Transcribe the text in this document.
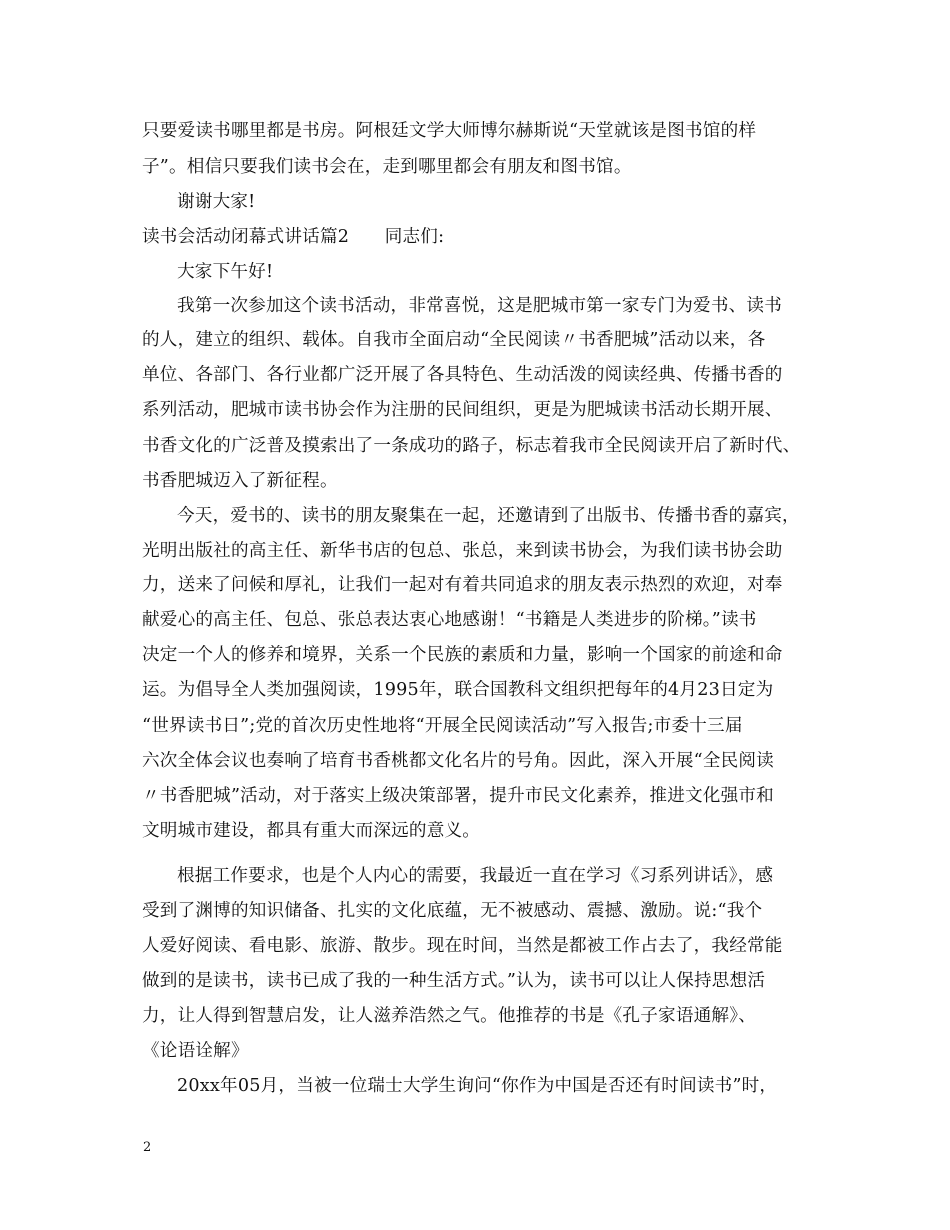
只要爱读书哪里都是书房。阿根廷文学大师博尔赫斯说“天堂就该是图书馆的样
子”。相信只要我们读书会在，走到哪里都会有朋友和图书馆。
谢谢大家!
读书会活动闭幕式讲话篇2　　同志们:
大家下午好!
我第一次参加这个读书活动，非常喜悦，这是肥城市第一家专门为爱书、读书
的人，建立的组织、载体。自我市全面启动“全民阅读〃书香肥城”活动以来，各
单位、各部门、各行业都广泛开展了各具特色、生动活泼的阅读经典、传播书香的
系列活动，肥城市读书协会作为注册的民间组织，更是为肥城读书活动长期开展、
书香文化的广泛普及摸索出了一条成功的路子，标志着我市全民阅读开启了新时代、
书香肥城迈入了新征程。
今天，爱书的、读书的朋友聚集在一起，还邀请到了出版书、传播书香的嘉宾，
光明出版社的高主任、新华书店的包总、张总，来到读书协会，为我们读书协会助
力，送来了问候和厚礼，让我们一起对有着共同追求的朋友表示热烈的欢迎，对奉
献爱心的高主任、包总、张总表达衷心地感谢！“书籍是人类进步的阶梯。”读书
决定一个人的修养和境界，关系一个民族的素质和力量，影响一个国家的前途和命
运。为倡导全人类加强阅读，1995年，联合国教科文组织把每年的4月23日定为
“世界读书日”;党的首次历史性地将“开展全民阅读活动”写入报告;市委十三届
六次全体会议也奏响了培育书香桃都文化名片的号角。因此，深入开展“全民阅读
〃书香肥城”活动，对于落实上级决策部署，提升市民文化素养，推进文化强市和
文明城市建设，都具有重大而深远的意义。
根据工作要求，也是个人内心的需要，我最近一直在学习《习系列讲话》，感
受到了渊博的知识储备、扎实的文化底蕴，无不被感动、震撼、激励。说:“我个
人爱好阅读、看电影、旅游、散步。现在时间，当然是都被工作占去了，我经常能
做到的是读书，读书已成了我的一种生活方式。”认为，读书可以让人保持思想活
力，让人得到智慧启发，让人滋养浩然之气。他推荐的书是《孔子家语通解》、
《论语诠解》
20xx年05月，当被一位瑞士大学生询问“你作为中国是否还有时间读书”时，
2
